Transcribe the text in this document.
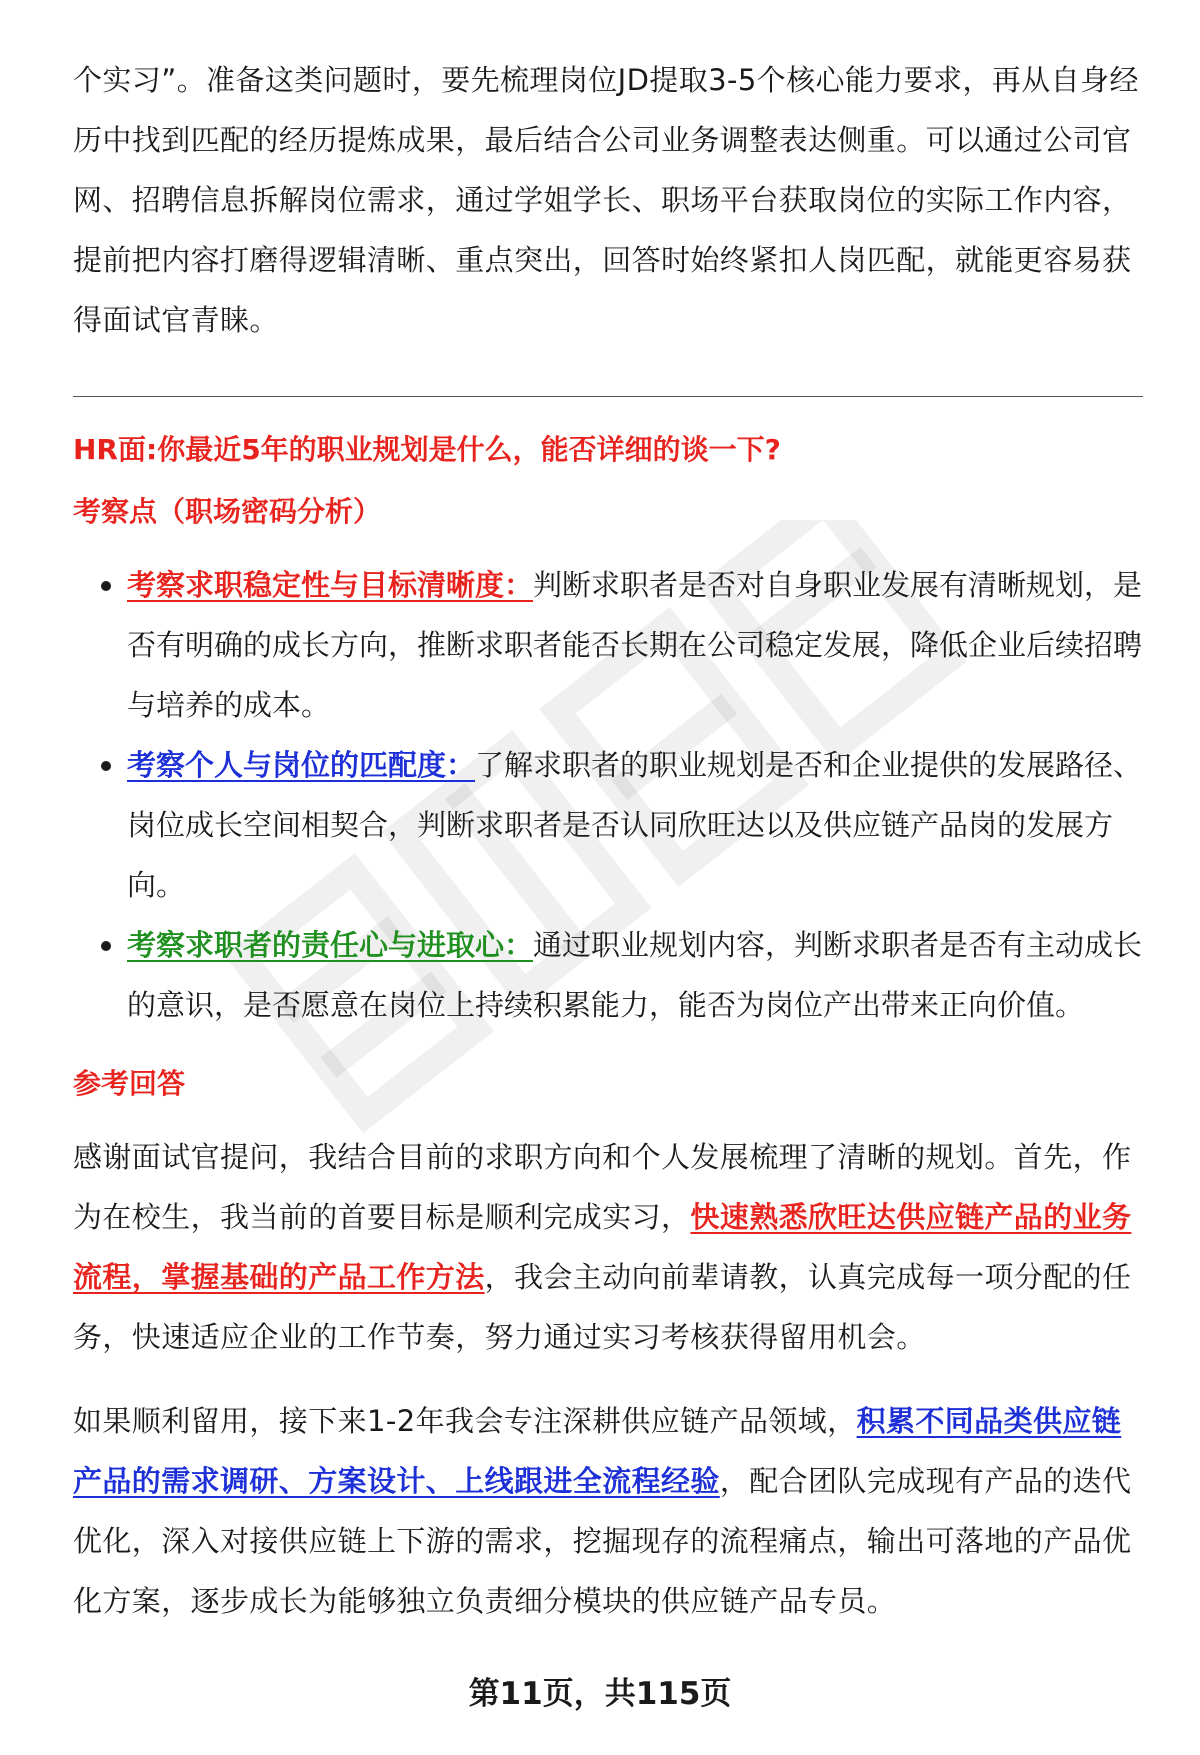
个实习”。准备这类问题时，要先梳理岗位JD提取3-5个核心能力要求，再从自身经历中找到匹配的经历提炼成果，最后结合公司业务调整表达侧重。可以通过公司官网、招聘信息拆解岗位需求，通过学姐学长、职场平台获取岗位的实际工作内容，提前把内容打磨得逻辑清晰、重点突出，回答时始终紧扣人岗匹配，就能更容易获得面试官青睐。

HR面:你最近5年的职业规划是什么，能否详细的谈一下?
考察点（职场密码分析）
考察求职稳定性与目标清晰度：判断求职者是否对自身职业发展有清晰规划，是否有明确的成长方向，推断求职者能否长期在公司稳定发展，降低企业后续招聘与培养的成本。
考察个人与岗位的匹配度：了解求职者的职业规划是否和企业提供的发展路径、岗位成长空间相契合，判断求职者是否认同欣旺达以及供应链产品岗的发展方向。
考察求职者的责任心与进取心：通过职业规划内容，判断求职者是否有主动成长的意识，是否愿意在岗位上持续积累能力，能否为岗位产出带来正向价值。
参考回答

感谢面试官提问，我结合目前的求职方向和个人发展梳理了清晰的规划。首先，作为在校生，我当前的首要目标是顺利完成实习，快速熟悉欣旺达供应链产品的业务流程，掌握基础的产品工作方法，我会主动向前辈请教，认真完成每一项分配的任务，快速适应企业的工作节奏，努力通过实习考核获得留用机会。

如果顺利留用，接下来1-2年我会专注深耕供应链产品领域，积累不同品类供应链产品的需求调研、方案设计、上线跟进全流程经验，配合团队完成现有产品的迭代优化，深入对接供应链上下游的需求，挖掘现存的流程痛点，输出可落地的产品优化方案，逐步成长为能够独立负责细分模块的供应链产品专员。

第11页，共115页
